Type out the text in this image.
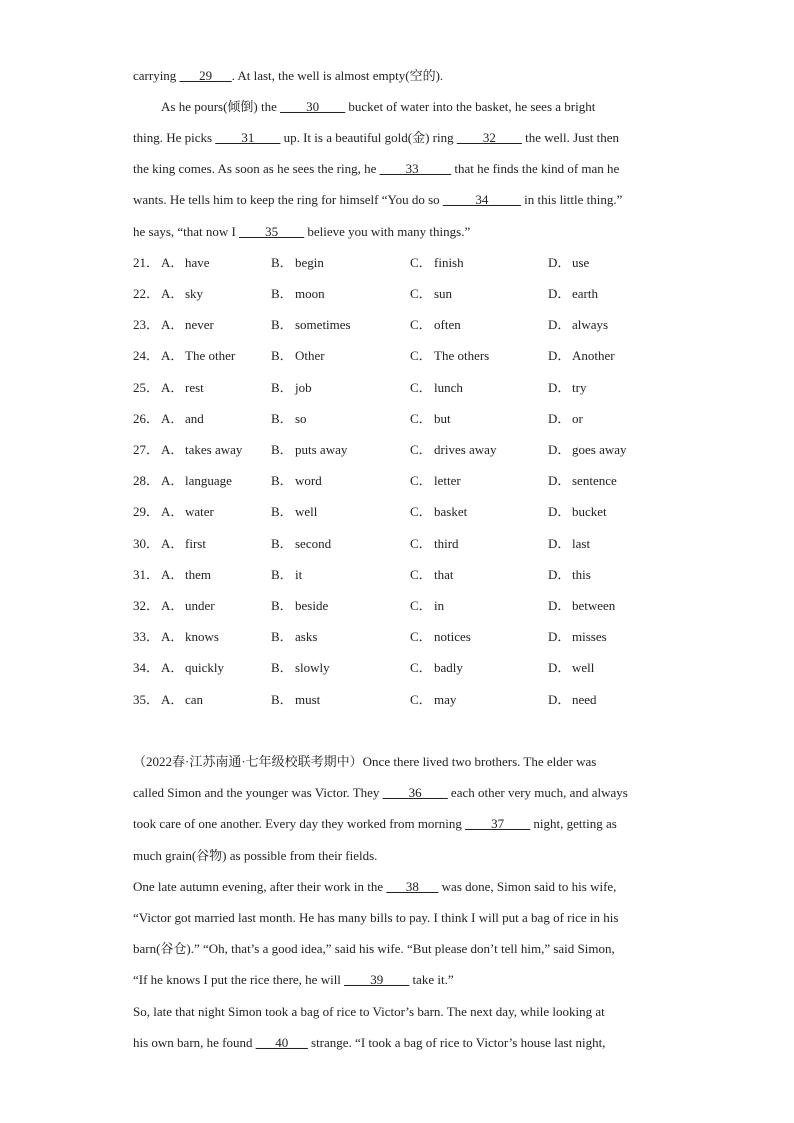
carrying ___29___. At last, the well is almost empty(空的).
As he pours(倾倒) the ____30____ bucket of water into the basket, he sees a bright
thing. He picks ____31____ up. It is a beautiful gold(金) ring ____32____ the well. Just then
the king comes. As soon as he sees the ring, he ____33_____ that he finds the kind of man he
wants. He tells him to keep the ring for himself “You do so _____34_____ in this little thing.”
he says, “that now I ____35____ believe you with many things.”
21． A． have	B． begin	C． finish	D． use
22． A． sky	B． moon	C． sun	D． earth
23． A． never	B． sometimes	C． often	D． always
24． A． The other	B． Other	C． The others	D． Another
25． A． rest	B． job	C． lunch	D． try
26． A． and	B． so	C． but	D． or
27． A． takes away B． puts away	C． drives away	D． goes away
28． A． language	B． word	C． letter	D． sentence
29． A． water	B． well	C． basket	D． bucket
30． A． first	B． second	C． third	D． last
31． A． them	B． it	C． that	D． this
32． A． under	B． beside	C． in	D． between
33． A． knows	B． asks	C． notices	D． misses
34． A． quickly	B． slowly	C． badly	D． well
35． A． can	B． must	C． may	D． need
（2022春·江苏南通·七年级校联考期中）Once there lived two brothers. The elder was
called Simon and the younger was Victor. They ____36____ each other very much, and always
took care of one another. Every day they worked from morning ____37____ night, getting as
much grain(谷物) as possible from their fields.
One late autumn evening, after their work in the ___38___ was done, Simon said to his wife,
“Victor got married last month. He has many bills to pay. I think I will put a bag of rice in his
barn(谷仓).” “Oh, that’s a good idea,” said his wife. “But please don’t tell him,” said Simon,
“If he knows I put the rice there, he will ____39____ take it.”
So, late that night Simon took a bag of rice to Victor’s barn. The next day, while looking at
his own barn, he found ___40___ strange. “I took a bag of rice to Victor’s house last night,
